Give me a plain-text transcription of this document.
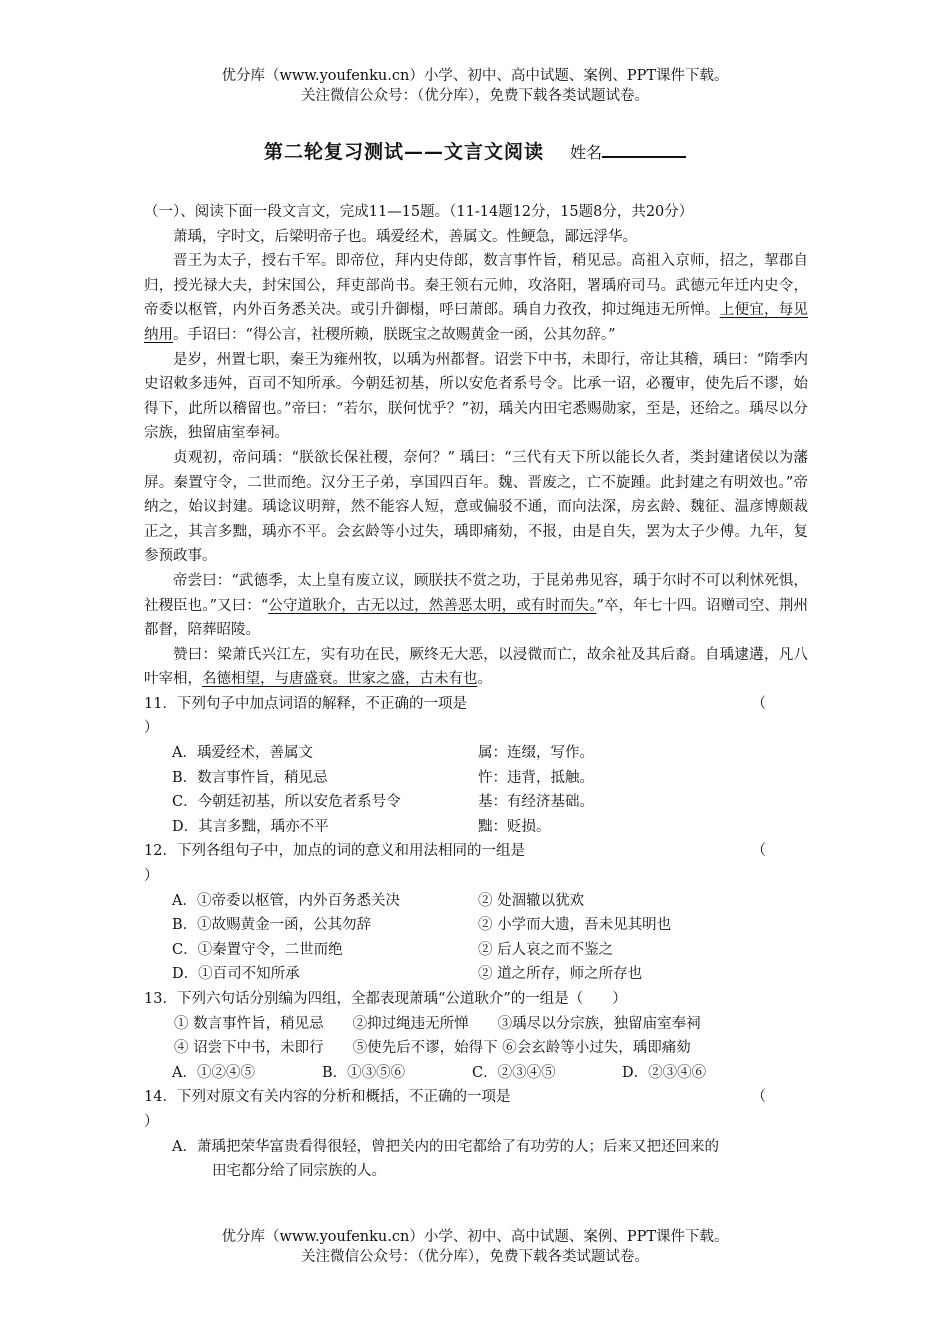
优分库（www.youfenku.cn）小学、初中、高中试题、案例、PPT课件下载。
关注微信公众号：（优分库），免费下载各类试题试卷。
第二轮复习测试——文言文阅读 姓名

（一）、阅读下面一段文言文，完成11—15题。（11-14题12分，15题8分，共20分）

萧瑀，字时文，后梁明帝子也。瑀爱经术，善属文。性鲠急，鄙远浮华。

晋王为太子，授右千军。即帝位，拜内史侍郎，数言事忤旨，稍见忌。高祖入京师，招之，挈郡自归，授光禄大夫，封宋国公，拜吏部尚书。秦王领右元帅，攻洛阳，署瑀府司马。武德元年迁内史令，帝委以枢管，内外百务悉关决。或引升御榻，呼曰萧郎。瑀自力孜孜，抑过绳违无所惮。上便宜，每见纳用。手诏曰：“得公言，社稷所赖，朕既宝之故赐黄金一函，公其勿辞。”

是岁，州置七职，秦王为雍州牧，以瑀为州都督。诏尝下中书，未即行，帝让其稽，瑀曰：“隋季内史诏敕多违舛，百司不知所承。今朝廷初基，所以安危者系号令。比承一诏，必覆审，使先后不谬，始得下，此所以稽留也。”帝曰：“若尔，朕何忧乎？”初，瑀关内田宅悉赐勋家，至是，还给之。瑀尽以分宗族，独留庙室奉祠。

贞观初，帝问瑀：“朕欲长保社稷，奈何？” 瑀曰：“三代有天下所以能长久者，类封建诸侯以为藩屏。秦置守令，二世而绝。汉分王子弟，享国四百年。魏、晋废之，亡不旋踵。此封建之有明效也。”帝纳之，始议封建。瑀谂议明辩，然不能容人短，意或偏驳不通，而向法深，房玄龄、魏征、温彦博颇裁正之，其言多黜，瑀亦不平。会玄龄等小过失，瑀即痛劾，不报，由是自失，罢为太子少傅。九年，复参预政事。

帝尝曰：“武德季，太上皇有废立议，顾朕扶不赏之功，于昆弟弗见容，瑀于尔时不可以利怵死惧，社稷臣也。”又曰：“公守道耿介，古无以过，然善恶太明，或有时而失。”卒，年七十四。诏赠司空、荆州都督，陪葬昭陵。

赞曰：梁萧氏兴江左，实有功在民，厥终无大恶，以浸微而亡，故余祉及其后裔。自瑀逮遘，凡八叶宰相，名德相望，与唐盛衰。世家之盛，古未有也。

11．下列句子中加点词语的解释，不正确的一项是	（
）
A．瑀爱经术，善属文	属：连缀，写作。
B．数言事忤旨，稍见忌	忤：违背，抵触。
C．今朝廷初基，所以安危者系号令	基：有经济基础。
D．其言多黜，瑀亦不平	黜：贬损。
12．下列各组句子中，加点的词的意义和用法相同的一组是	（
）
A．①帝委以枢管，内外百务悉关决	② 处涸辙以犹欢
B．①故赐黄金一函，公其勿辞	② 小学而大遗，吾未见其明也
C．①秦置守令，二世而绝	② 后人哀之而不鉴之
D．①百司不知所承	② 道之所存，师之所存也
13．下列六句话分别编为四组，全都表现萧瑀“公道耿介”的一组是（　　）
① 数言事忤旨，稍见忌　　②抑过绳违无所惮　　③瑀尽以分宗族，独留庙室奉祠
④ 诏尝下中书，未即行　　⑤使先后不谬，始得下 ⑥会玄龄等小过失，瑀即痛劾
A．①②④⑤	B．①③⑤⑥	C．②③④⑤	D．②③④⑥
14．下列对原文有关内容的分析和概括，不正确的一项是	（
）
A．萧瑀把荣华富贵看得很轻，曾把关内的田宅都给了有功劳的人；后来又把还回来的
田宅都分给了同宗族的人。
优分库（www.youfenku.cn）小学、初中、高中试题、案例、PPT课件下载。
关注微信公众号：（优分库），免费下载各类试题试卷。
